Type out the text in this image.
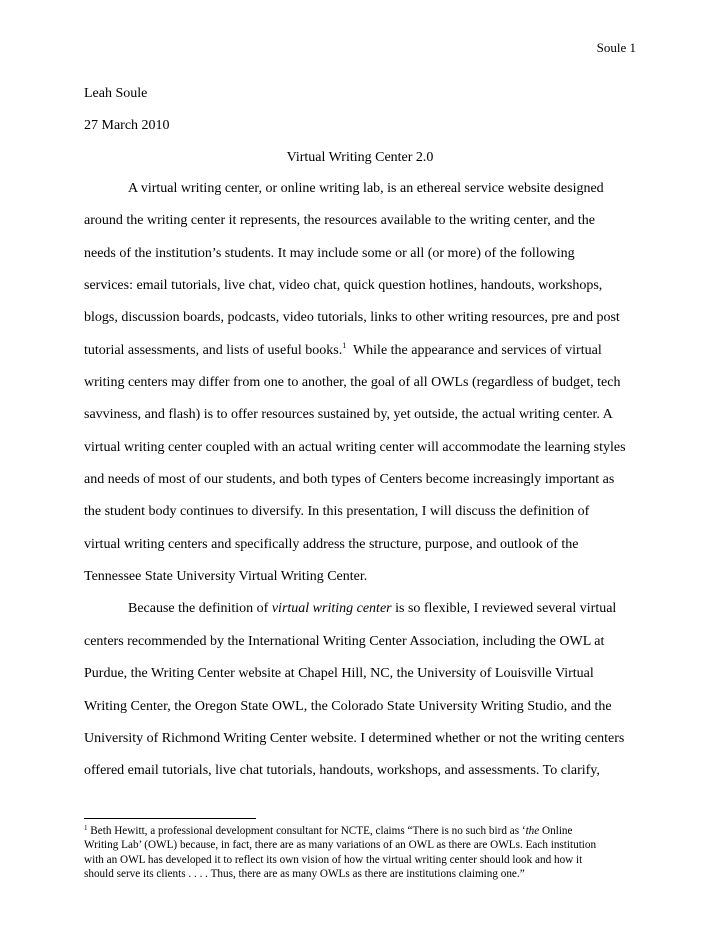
Soule 1
Leah Soule
27 March 2010
Virtual Writing Center 2.0
A virtual writing center, or online writing lab, is an ethereal service website designed
around the writing center it represents, the resources available to the writing center, and the
needs of the institution’s students. It may include some or all (or more) of the following
services: email tutorials, live chat, video chat, quick question hotlines, handouts, workshops,
blogs, discussion boards, podcasts, video tutorials, links to other writing resources, pre and post
tutorial assessments, and lists of useful books.$^1$  While the appearance and services of virtual
writing centers may differ from one to another, the goal of all OWLs (regardless of budget, tech
savviness, and flash) is to offer resources sustained by, yet outside, the actual writing center. A
virtual writing center coupled with an actual writing center will accommodate the learning styles
and needs of most of our students, and both types of Centers become increasingly important as
the student body continues to diversify. In this presentation, I will discuss the definition of
virtual writing centers and specifically address the structure, purpose, and outlook of the
Tennessee State University Virtual Writing Center.
Because the definition of virtual writing center is so flexible, I reviewed several virtual
centers recommended by the International Writing Center Association, including the OWL at
Purdue, the Writing Center website at Chapel Hill, NC, the University of Louisville Virtual
Writing Center, the Oregon State OWL, the Colorado State University Writing Studio, and the
University of Richmond Writing Center website. I determined whether or not the writing centers
offered email tutorials, live chat tutorials, handouts, workshops, and assessments. To clarify,
$^1$ Beth Hewitt, a professional development consultant for NCTE, claims “There is no such bird as ‘the Online
Writing Lab’ (OWL) because, in fact, there are as many variations of an OWL as there are OWLs. Each institution
with an OWL has developed it to reflect its own vision of how the virtual writing center should look and how it
should serve its clients . . . . Thus, there are as many OWLs as there are institutions claiming one.”
